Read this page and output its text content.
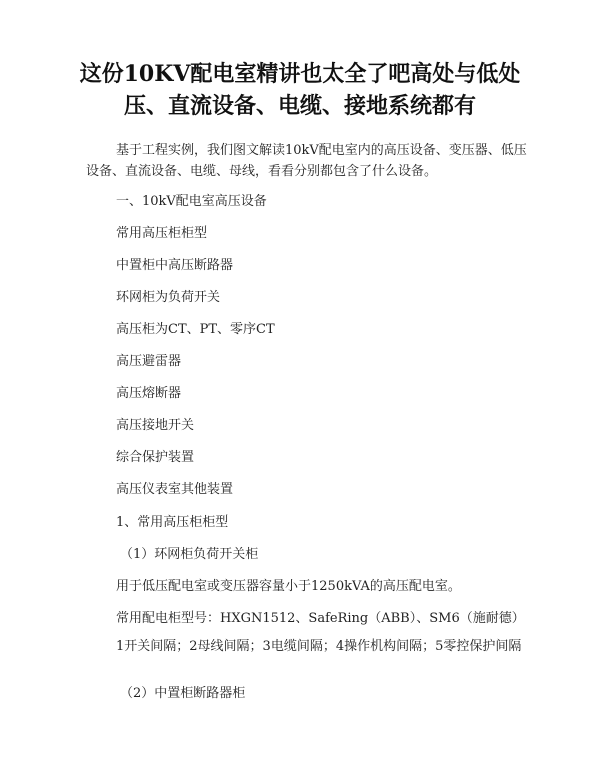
这份10KV配电室精讲也太全了吧高处与低处压、直流设备、电缆、接地系统都有

基于工程实例，我们图文解读10kV配电室内的高压设备、变压器、低压设备、直流设备、电缆、母线，看看分别都包含了什么设备。

一、10kV配电室高压设备

常用高压柜柜型

中置柜中高压断路器

环网柜为负荷开关

高压柜为CT、PT、零序CT

高压避雷器

高压熔断器

高压接地开关

综合保护装置

高压仪表室其他装置

1、常用高压柜柜型

（1）环网柜负荷开关柜

用于低压配电室或变压器容量小于1250kVA的高压配电室。

常用配电柜型号：HXGN1512、SafeRing（ABB）、SM6（施耐德）

1开关间隔；2母线间隔；3电缆间隔；4操作机构间隔；5零控保护间隔

（2）中置柜断路器柜
